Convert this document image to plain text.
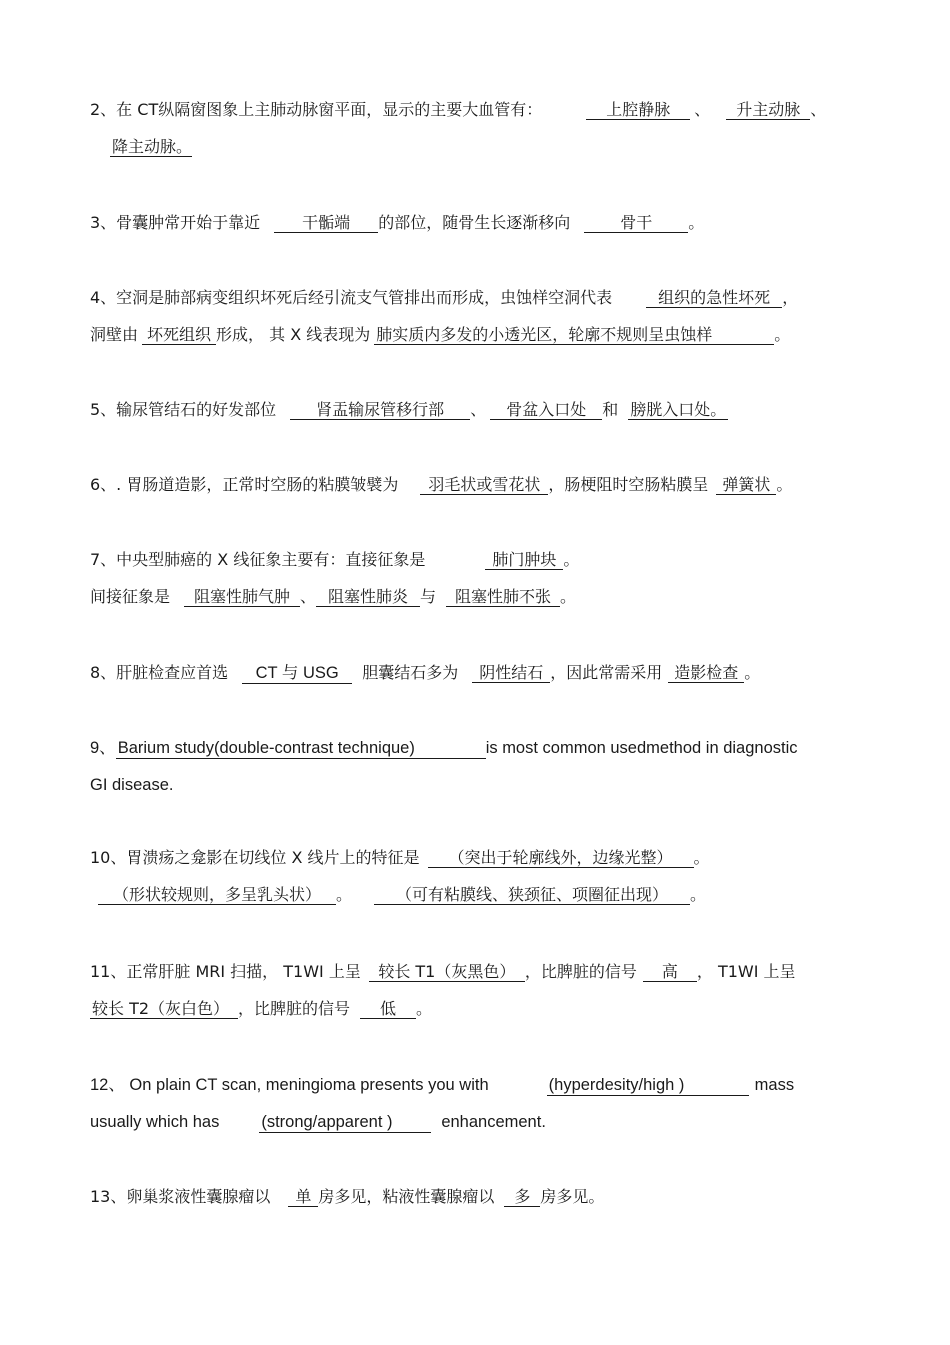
2、在 CT纵隔窗图象上主肺动脉窗平面，显示的主要大血管有：	上腔静脉 、 升主动脉 、
降主动脉。
3、骨囊肿常开始于靠近	干骺端 的部位，随骨生长逐渐移向	骨干 。
4、空洞是肺部病变组织坏死后经引流支气管排出而形成，虫蚀样空洞代表	组织的急性坏死 ，
洞壁由 坏死组织 形成， 其 X 线表现为 肺实质内多发的小透光区，轮廓不规则呈虫蚀样	。
5、输尿管结石的好发部位 肾盂输尿管移行部 、 骨盆入口处 和 膀胱入口处。
6、. 胃肠道造影，正常时空肠的粘膜皱襞为 羽毛状或雪花状 ，肠梗阻时空肠粘膜呈 弹簧状 。
7、中央型肺癌的 X 线征象主要有：直接征象是	肺门肿块 。
间接征象是 阻塞性肺气肿 、 阻塞性肺炎 与 阻塞性肺不张 。
8、肝脏检查应首选 CT 与 USG 胆囊结石多为 阴性结石 ，因此常需采用 造影检查 。
9、 Barium study(double-contrast technique)	is most common usedmethod in diagnostic
GI disease.
10、胃溃疡之龛影在切线位 X 线片上的特征是 （突出于轮廓线外，边缘光整） 。
（形状较规则，多呈乳头状） 。	（可有粘膜线、狭颈征、项圈征出现） 。
11、正常肝脏 MRI 扫描， T1WI 上呈 较长 T1（灰黑色） ，比脾脏的信号 高 ， T1WI 上呈
较长 T2（灰白色） ，比脾脏的信号 低 。
12、 On plain CT scan, meningioma presents you with	(hyperdesity/high )	mass
usually which has	(strong/apparent )	enhancement.
13、卵巢浆液性囊腺瘤以 单 房多见，粘液性囊腺瘤以 多 房多见。
